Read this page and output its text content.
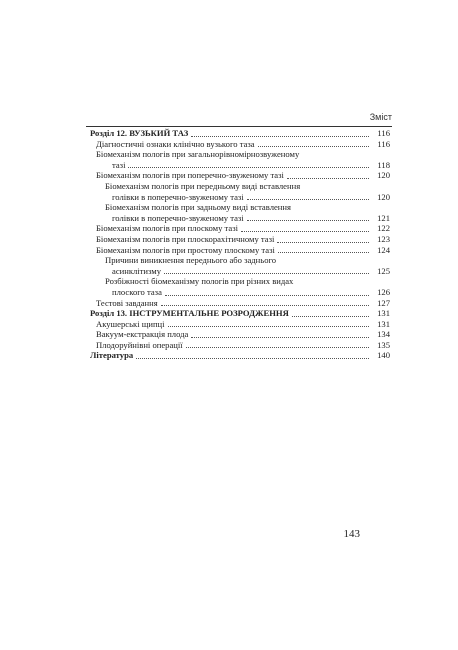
Зміст
Розділ 12. ВУЗЬКИЙ ТАЗ	116
Діагностичні ознаки клінічно вузького таза	116
Біомеханізм пологів при загальнорівномірнозвуженому
тазі	118
Біомеханізм пологів при поперечно-звуженому тазі	120
Біомеханізм пологів при передньому виді вставлення
голівки в поперечно-звуженому тазі	120
Біомеханізм пологів при задньому виді вставлення
голівки в поперечно-звуженому тазі	121
Біомеханізм пологів при плоскому тазі	122
Біомеханізм пологів при плоскорахітичному тазі	123
Біомеханізм пологів при простому плоскому тазі	124
Причини виникнення переднього або заднього
асинклітизму	125
Розбіжності біомеханізму пологів при різних видах
плоского таза	126
Тестові завдання	127
Розділ 13. ІНСТРУМЕНТАЛЬНЕ РОЗРОДЖЕННЯ	131
Акушерські щипці	131
Вакуум-екстракція плода	134
Плодоруйнівні операції	135
Література	140
143
